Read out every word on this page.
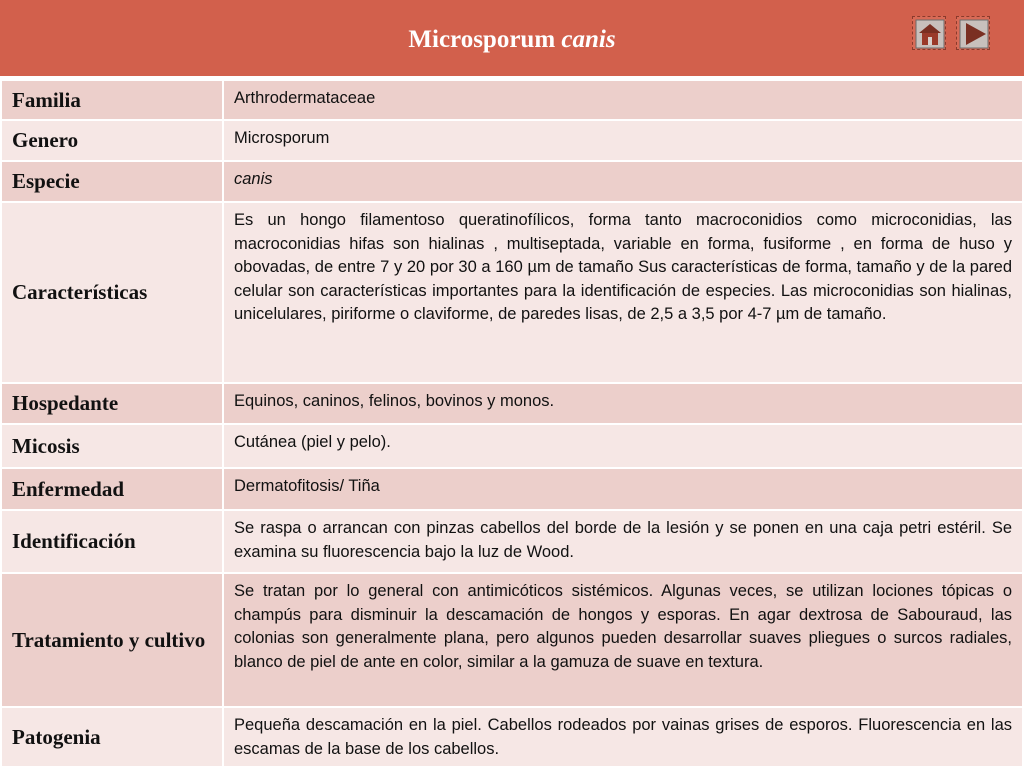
Microsporum canis
Familia	Arthrodermataceae
Genero	Microsporum
Especie	canis
Características	Es un hongo filamentoso queratinofílicos, forma tanto macroconidios como microconidias, las macroconidias hifas son hialinas , multiseptada, variable en forma, fusiforme , en forma de huso y obovadas, de entre 7 y 20 por 30 a 160 µm de tamaño Sus características de forma, tamaño y de la pared celular son características importantes para la identificación de especies. Las microconidias son hialinas, unicelulares, piriforme o claviforme, de paredes lisas, de 2,5 a 3,5 por 4-7 µm de tamaño.
Hospedante	Equinos, caninos, felinos, bovinos y monos.
Micosis	Cutánea (piel y pelo).
Enfermedad	Dermatofitosis/ Tiña
Identificación	Se raspa o arrancan con pinzas cabellos del borde de la lesión y se ponen en una caja petri estéril. Se examina su fluorescencia bajo la luz de Wood.
Tratamiento y cultivo	Se tratan por lo general con antimicóticos sistémicos. Algunas veces, se utilizan lociones tópicas o champús para disminuir la descamación de hongos y esporas. En agar dextrosa de Sabouraud, las colonias son generalmente plana, pero algunos pueden desarrollar suaves pliegues o surcos radiales, blanco de piel de ante en color, similar a la gamuza de suave en textura.
Patogenia	Pequeña descamación en la piel. Cabellos rodeados por vainas grises de esporos. Fluorescencia en las escamas de la base de los cabellos.
